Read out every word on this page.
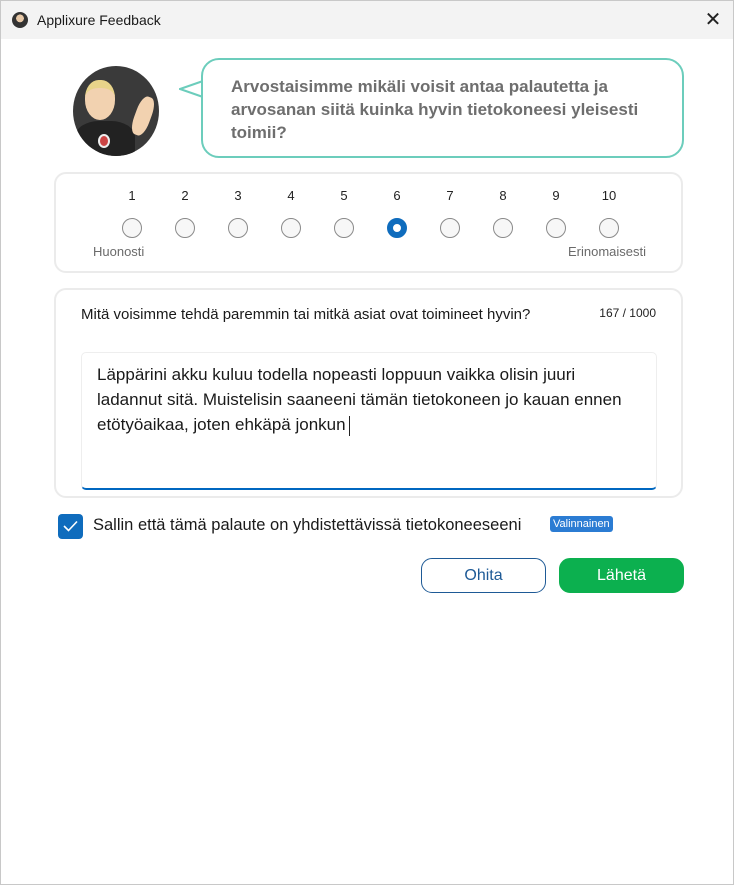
Applixure Feedback	✕
Arvostaisimme mikäli voisit antaa palautetta ja arvosanan siitä kuinka hyvin tietokoneesi yleisesti toimii?
Huonosti	Erinomaisesti
1	2	3	4	5	6	7	8	9	10
Mitä voisimme tehdä paremmin tai mitkä asiat ovat toimineet hyvin?	167 / 1000
Läppärini akku kuluu todella nopeasti loppuun vaikka olisin juuri ladannut sitä. Muistelisin saaneeni tämän tietokoneen jo kauan ennen etötyöaikaa, joten ehkäpä jonkun
Sallin että tämä palaute on yhdistettävissä tietokoneeseeni	Valinnainen
Ohita	Lähetä
